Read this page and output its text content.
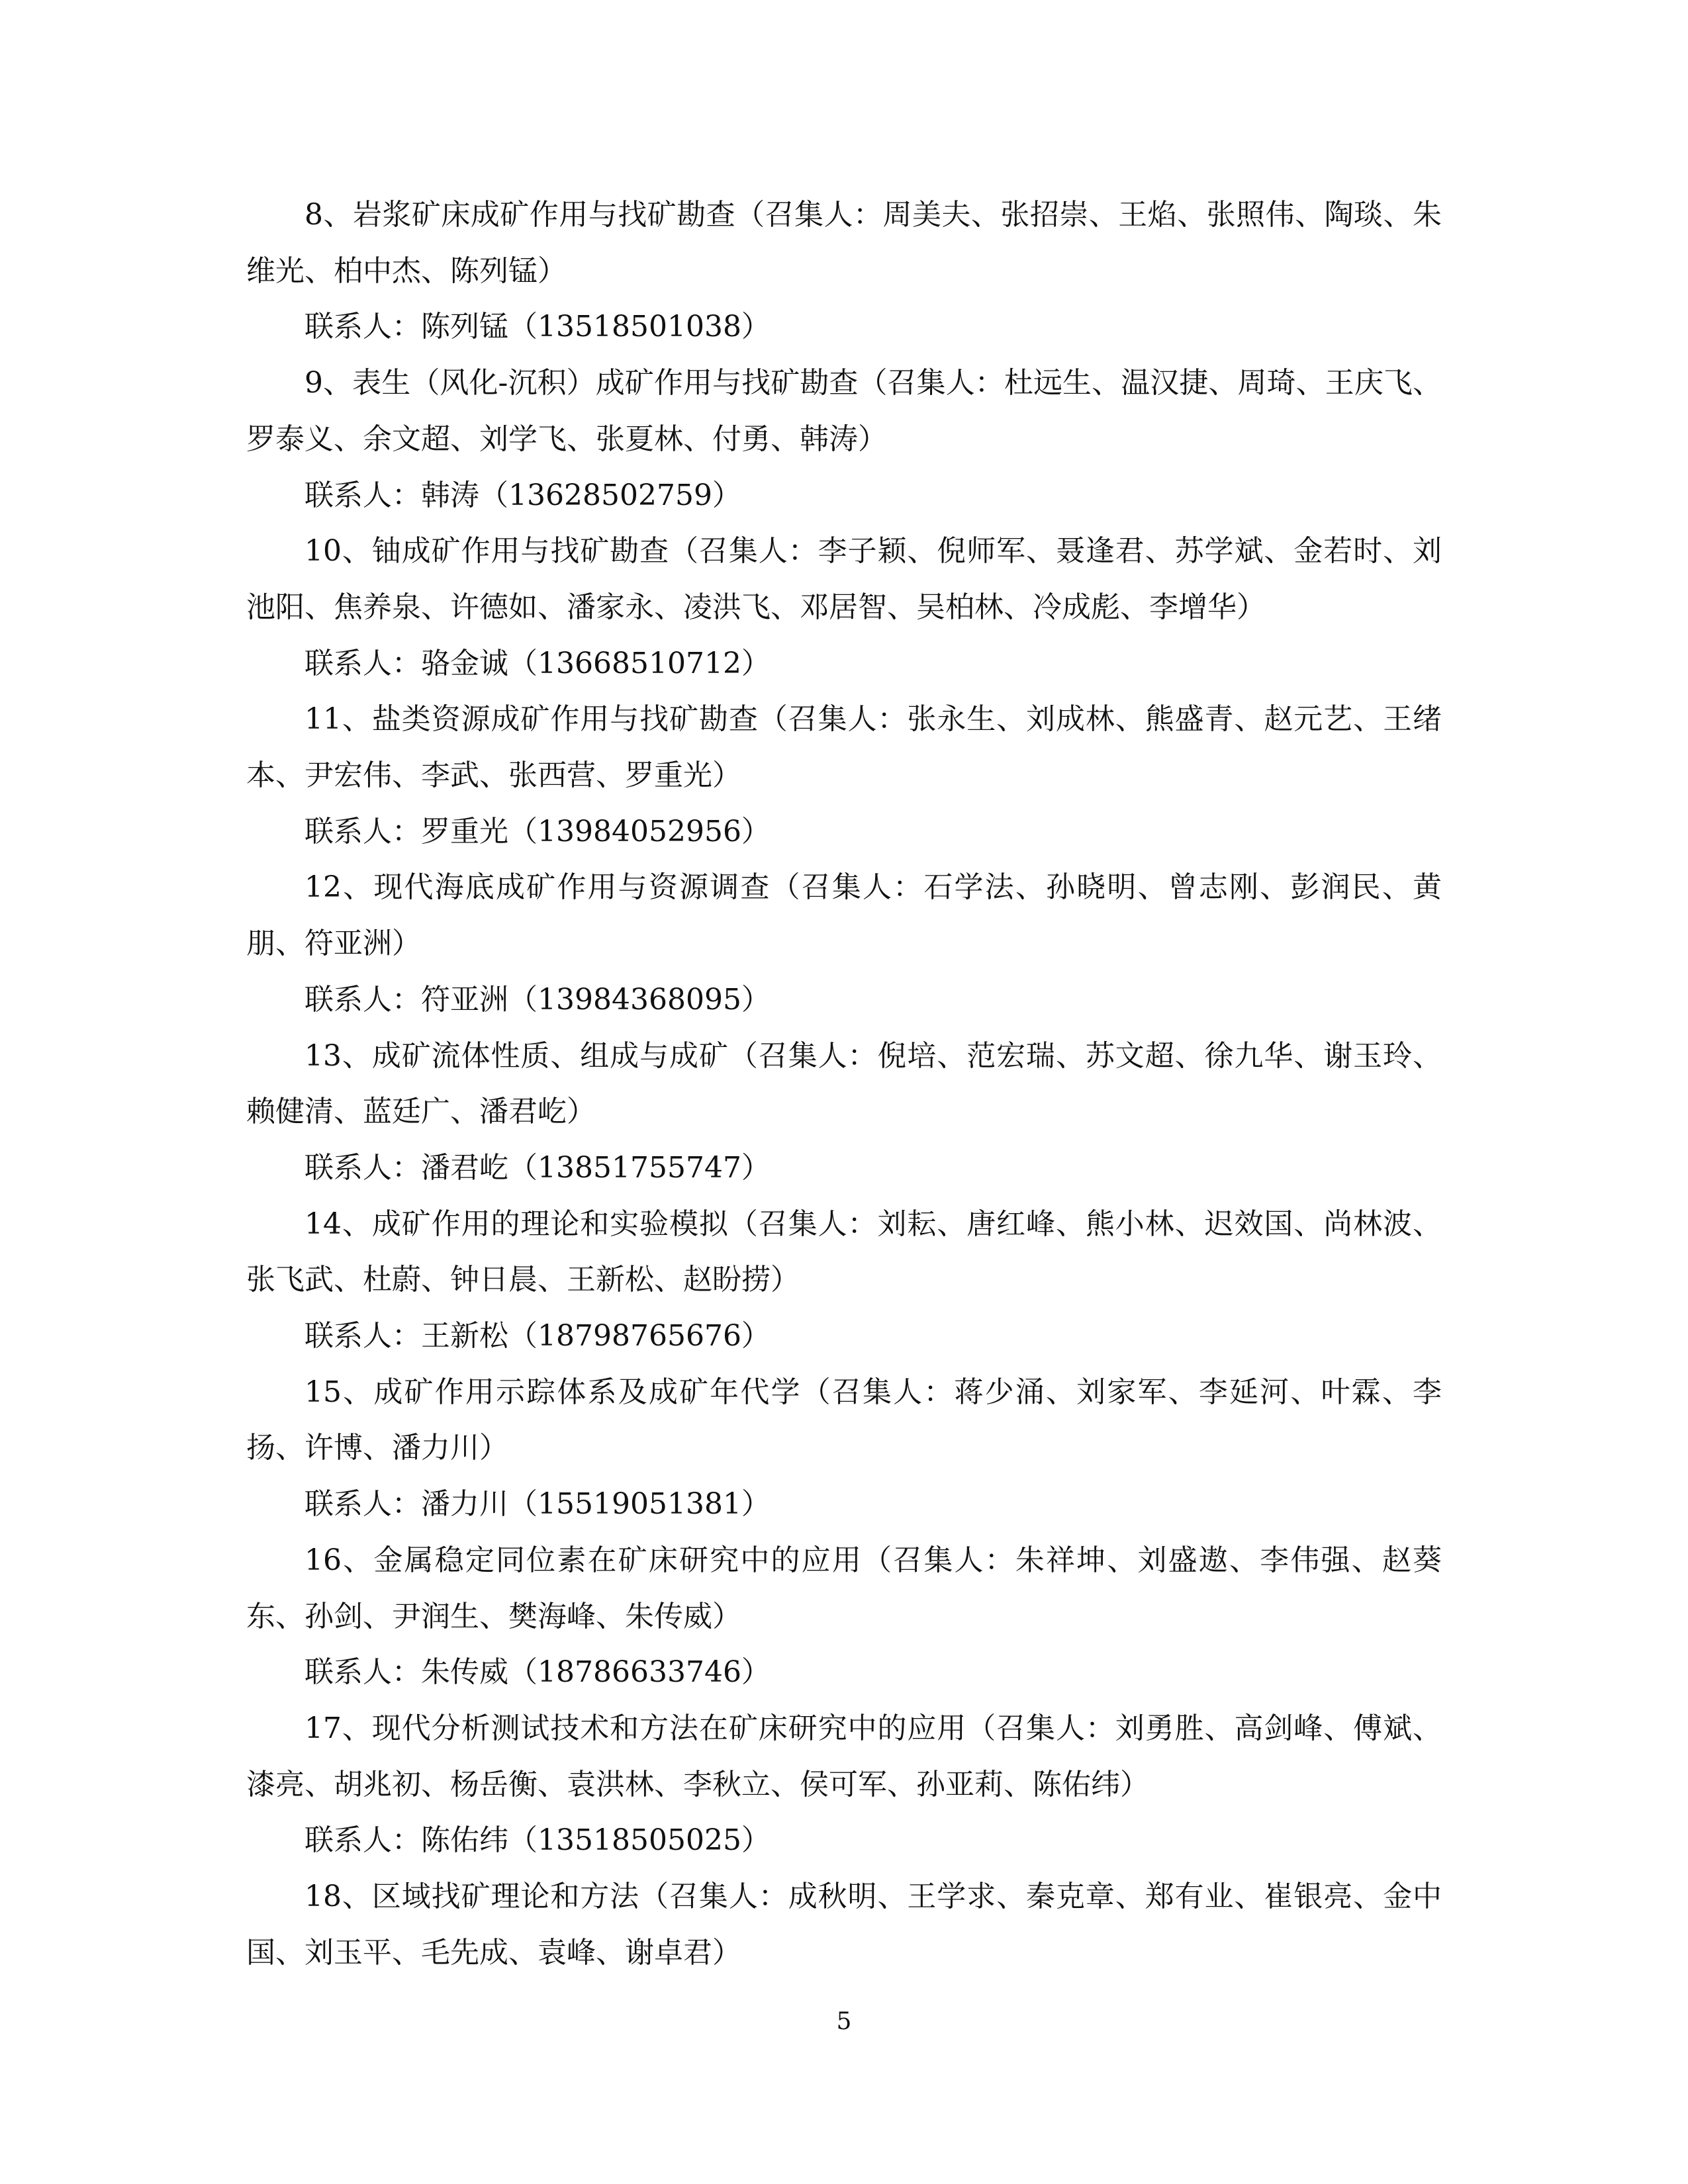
8、岩浆矿床成矿作用与找矿勘查（召集人：周美夫、张招崇、王焰、张照伟、陶琰、朱维光、柏中杰、陈列锰）

联系人：陈列锰（13518501038）

9、表生（风化-沉积）成矿作用与找矿勘查（召集人：杜远生、温汉捷、周琦、王庆飞、罗泰义、余文超、刘学飞、张夏林、付勇、韩涛）

联系人：韩涛（13628502759）

10、铀成矿作用与找矿勘查（召集人：李子颖、倪师军、聂逢君、苏学斌、金若时、刘池阳、焦养泉、许德如、潘家永、凌洪飞、邓居智、吴柏林、冷成彪、李增华）

联系人：骆金诚（13668510712）

11、盐类资源成矿作用与找矿勘查（召集人：张永生、刘成林、熊盛青、赵元艺、王绪本、尹宏伟、李武、张西营、罗重光）

联系人：罗重光（13984052956）

12、现代海底成矿作用与资源调查（召集人：石学法、孙晓明、曾志刚、彭润民、黄朋、符亚洲）

联系人：符亚洲（13984368095）

13、成矿流体性质、组成与成矿（召集人：倪培、范宏瑞、苏文超、徐九华、谢玉玲、赖健清、蓝廷广、潘君屹）

联系人：潘君屹（13851755747）

14、成矿作用的理论和实验模拟（召集人：刘耘、唐红峰、熊小林、迟效国、尚林波、张飞武、杜蔚、钟日晨、王新松、赵盼捞）

联系人：王新松（18798765676）

15、成矿作用示踪体系及成矿年代学（召集人：蒋少涌、刘家军、李延河、叶霖、李扬、许博、潘力川）

联系人：潘力川（15519051381）

16、金属稳定同位素在矿床研究中的应用（召集人：朱祥坤、刘盛遨、李伟强、赵葵东、孙剑、尹润生、樊海峰、朱传威）

联系人：朱传威（18786633746）

17、现代分析测试技术和方法在矿床研究中的应用（召集人：刘勇胜、高剑峰、傅斌、漆亮、胡兆初、杨岳衡、袁洪林、李秋立、侯可军、孙亚莉、陈佑纬）

联系人：陈佑纬（13518505025）

18、区域找矿理论和方法（召集人：成秋明、王学求、秦克章、郑有业、崔银亮、金中国、刘玉平、毛先成、袁峰、谢卓君）

5
